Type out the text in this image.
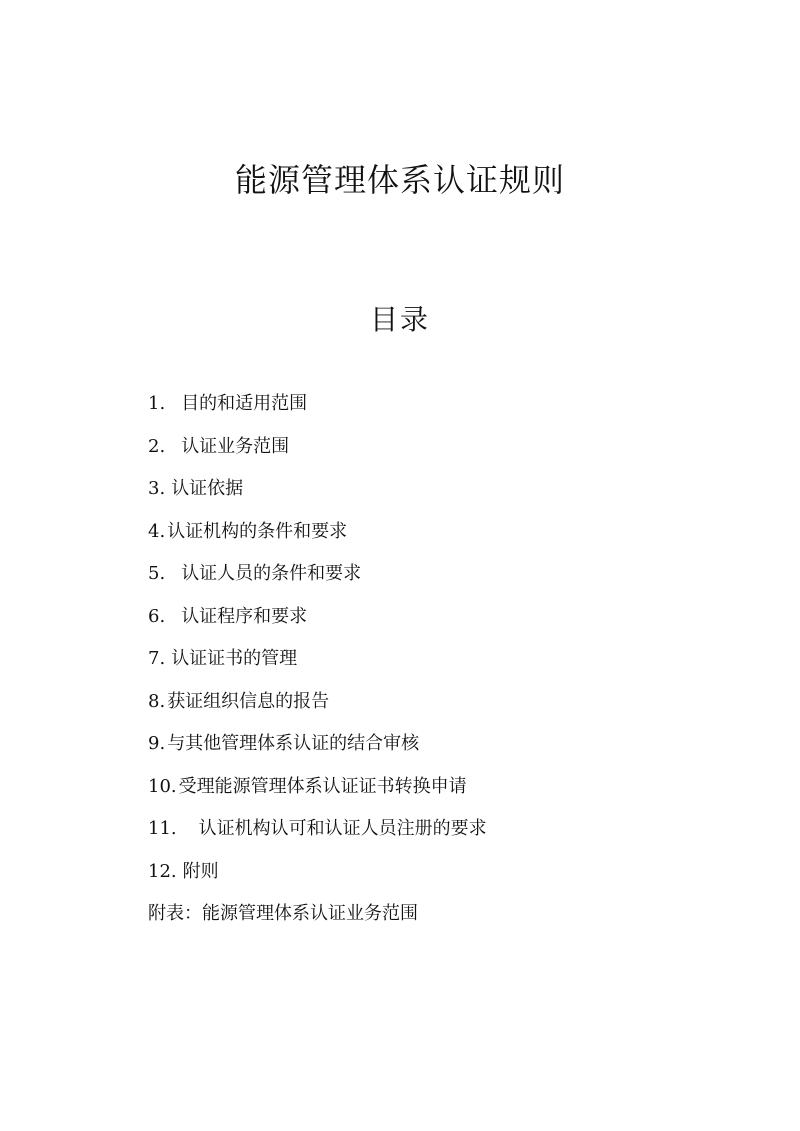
能源管理体系认证规则
目录
1. 目的和适用范围
2. 认证业务范围
3. 认证依据
4. 认证机构的条件和要求
5. 认证人员的条件和要求
6. 认证程序和要求
7. 认证证书的管理
8. 获证组织信息的报告
9. 与其他管理体系认证的结合审核
10. 受理能源管理体系认证证书转换申请
11. 认证机构认可和认证人员注册的要求
12. 附则
附表：能源管理体系认证业务范围
